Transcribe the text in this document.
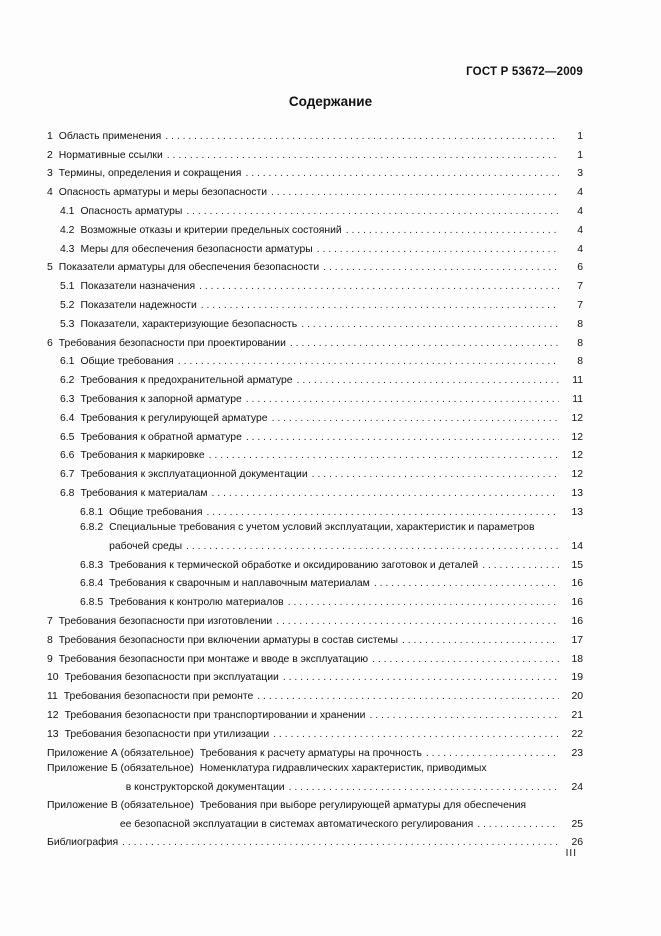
ГОСТ Р 53672—2009
Содержание
1 Область применения . . .	1
2 Нормативные ссылки . . .	1
3 Термины, определения и сокращения . . .	3
4 Опасность арматуры и меры безопасности . . .	4
4.1 Опасность арматуры . . .	4
4.2 Возможные отказы и критерии предельных состояний . . .	4
4.3 Меры для обеспечения безопасности арматуры . . .	4
5 Показатели арматуры для обеспечения безопасности . . .	6
5.1 Показатели назначения . . .	7
5.2 Показатели надежности . . .	7
5.3 Показатели, характеризующие безопасность . . .	8
6 Требования безопасности при проектировании . . .	8
6.1 Общие требования . . .	8
6.2 Требования к предохранительной арматуре . . .	11
6.3 Требования к запорной арматуре . . .	11
6.4 Требования к регулирующей арматуре . . .	12
6.5 Требования к обратной арматуре . . .	12
6.6 Требования к маркировке . . .	12
6.7 Требования к эксплуатационной документации . . .	12
6.8 Требования к материалам . . .	13
6.8.1 Общие требования . . .	13
6.8.2 Специальные требования с учетом условий эксплуатации, характеристик и параметров
рабочей среды . . .	14
6.8.3 Требования к термической обработке и оксидированию заготовок и деталей . . .	15
6.8.4 Требования к сварочным и наплавочным материалам . . .	16
6.8.5 Требования к контролю материалов . . .	16
7 Требования безопасности при изготовлении . . .	16
8 Требования безопасности при включении арматуры в состав системы . . .	17
9 Требования безопасности при монтаже и вводе в эксплуатацию . . .	18
10 Требования безопасности при эксплуатации . . .	19
11 Требования безопасности при ремонте . . .	20
12 Требования безопасности при транспортировании и хранении . . .	21
13 Требования безопасности при утилизации . . .	22
Приложение А (обязательное) Требования к расчету арматуры на прочность . . .	23
Приложение Б (обязательное) Номенклатура гидравлических характеристик, приводимых
в конструкторской документации . . .	24
Приложение В (обязательное) Требования при выборе регулирующей арматуры для обеспечения
ее безопасной эксплуатации в системах автоматического регулирования . . .	25
Библиография . . .	26
III
